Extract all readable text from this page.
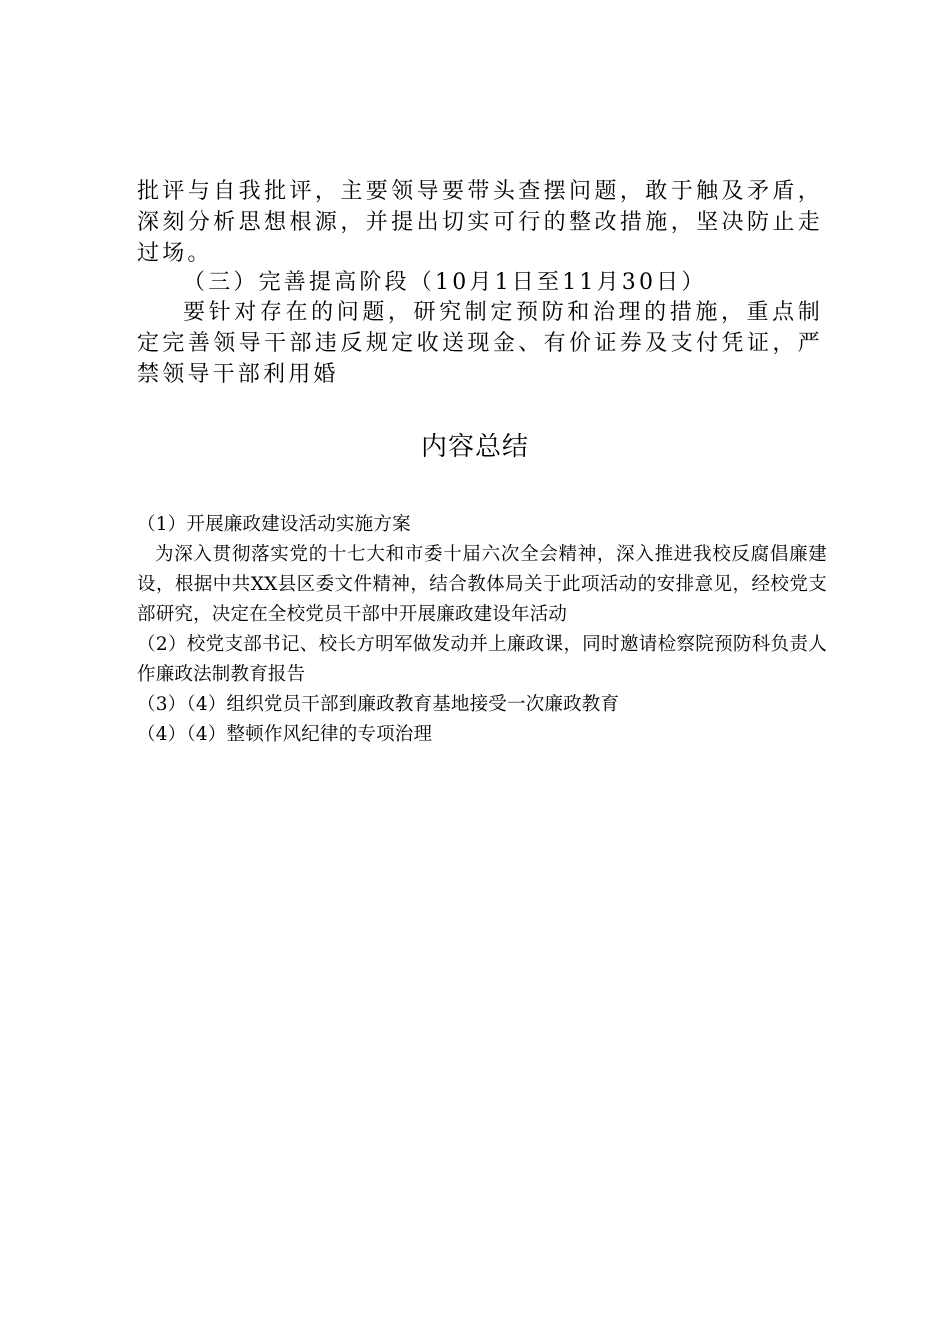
批评与自我批评，主要领导要带头查摆问题，敢于触及矛盾，深刻分析思想根源，并提出切实可行的整改措施，坚决防止走过场。

（三）完善提高阶段（10月1日至11月30日）

要针对存在的问题，研究制定预防和治理的措施，重点制定完善领导干部违反规定收送现金、有价证券及支付凭证，严禁领导干部利用婚

内容总结

（1）开展廉政建设活动实施方案

为深入贯彻落实党的十七大和市委十届六次全会精神，深入推进我校反腐倡廉建设，根据中共XX县区委文件精神，结合教体局关于此项活动的安排意见，经校党支部研究，决定在全校党员干部中开展廉政建设年活动

（2）校党支部书记、校长方明军做发动并上廉政课，同时邀请检察院预防科负责人作廉政法制教育报告

（3）（4）组织党员干部到廉政教育基地接受一次廉政教育

（4）（4）整顿作风纪律的专项治理
